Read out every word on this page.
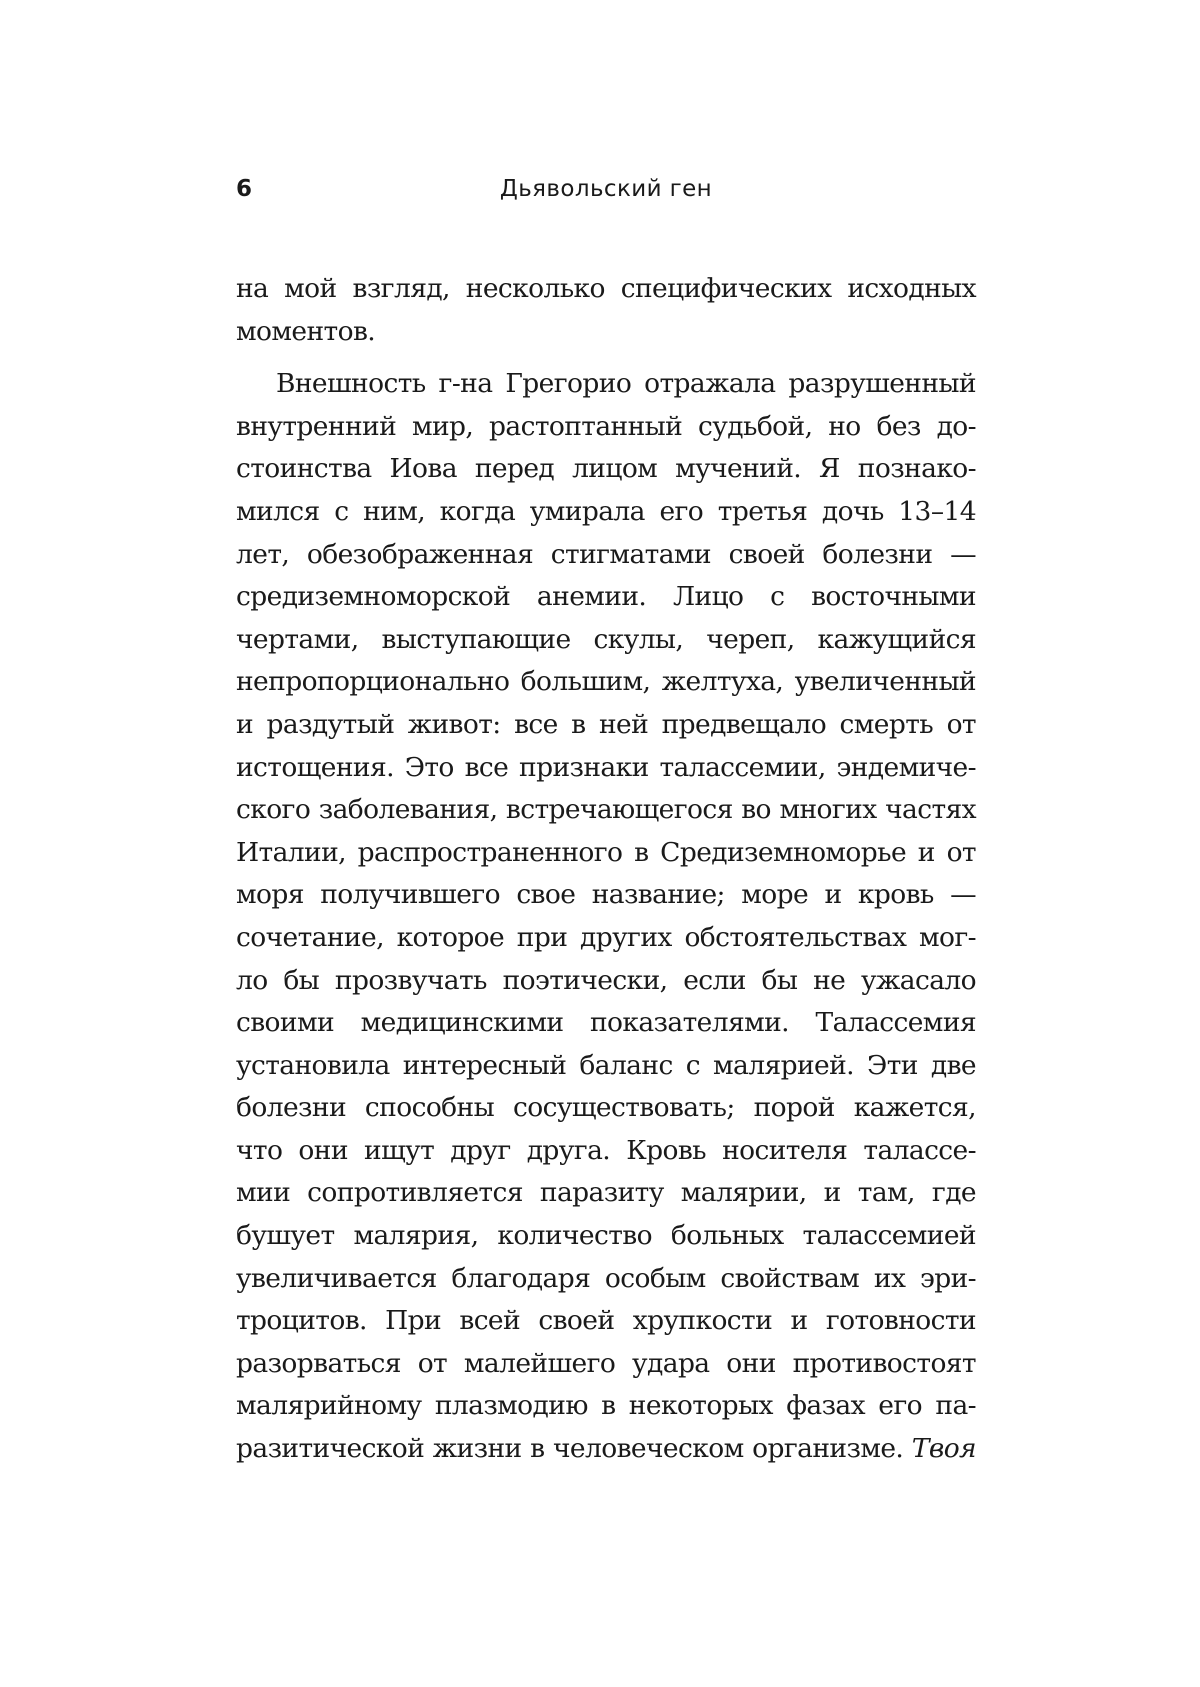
6	Дьявольский ген
на мой взгляд, несколько специфических исходных
моментов.
Внешность г-на Грегорио отражала разрушенный
внутренний мир, растоптанный судьбой, но без до-
стоинства Иова перед лицом мучений. Я познако-
мился с ним, когда умирала его третья дочь 13–14
лет, обезображенная стигматами своей болезни —
средиземноморской анемии. Лицо с восточными
чертами, выступающие скулы, череп, кажущийся
непропорционально большим, желтуха, увеличенный
и раздутый живот: все в ней предвещало смерть от
истощения. Это все признаки талассемии, эндемиче-
ского заболевания, встречающегося во многих частях
Италии, распространенного в Средиземноморье и от
моря получившего свое название; море и кровь —
сочетание, которое при других обстоятельствах мог-
ло бы прозвучать поэтически, если бы не ужасало
своими медицинскими показателями. Талассемия
установила интересный баланс с малярией. Эти две
болезни способны сосуществовать; порой кажется,
что они ищут друг друга. Кровь носителя талассе-
мии сопротивляется паразиту малярии, и там, где
бушует малярия, количество больных талассемией
увеличивается благодаря особым свойствам их эри-
троцитов. При всей своей хрупкости и готовности
разорваться от малейшего удара они противостоят
малярийному плазмодию в некоторых фазах его па-
разитической жизни в человеческом организме. Твоя
